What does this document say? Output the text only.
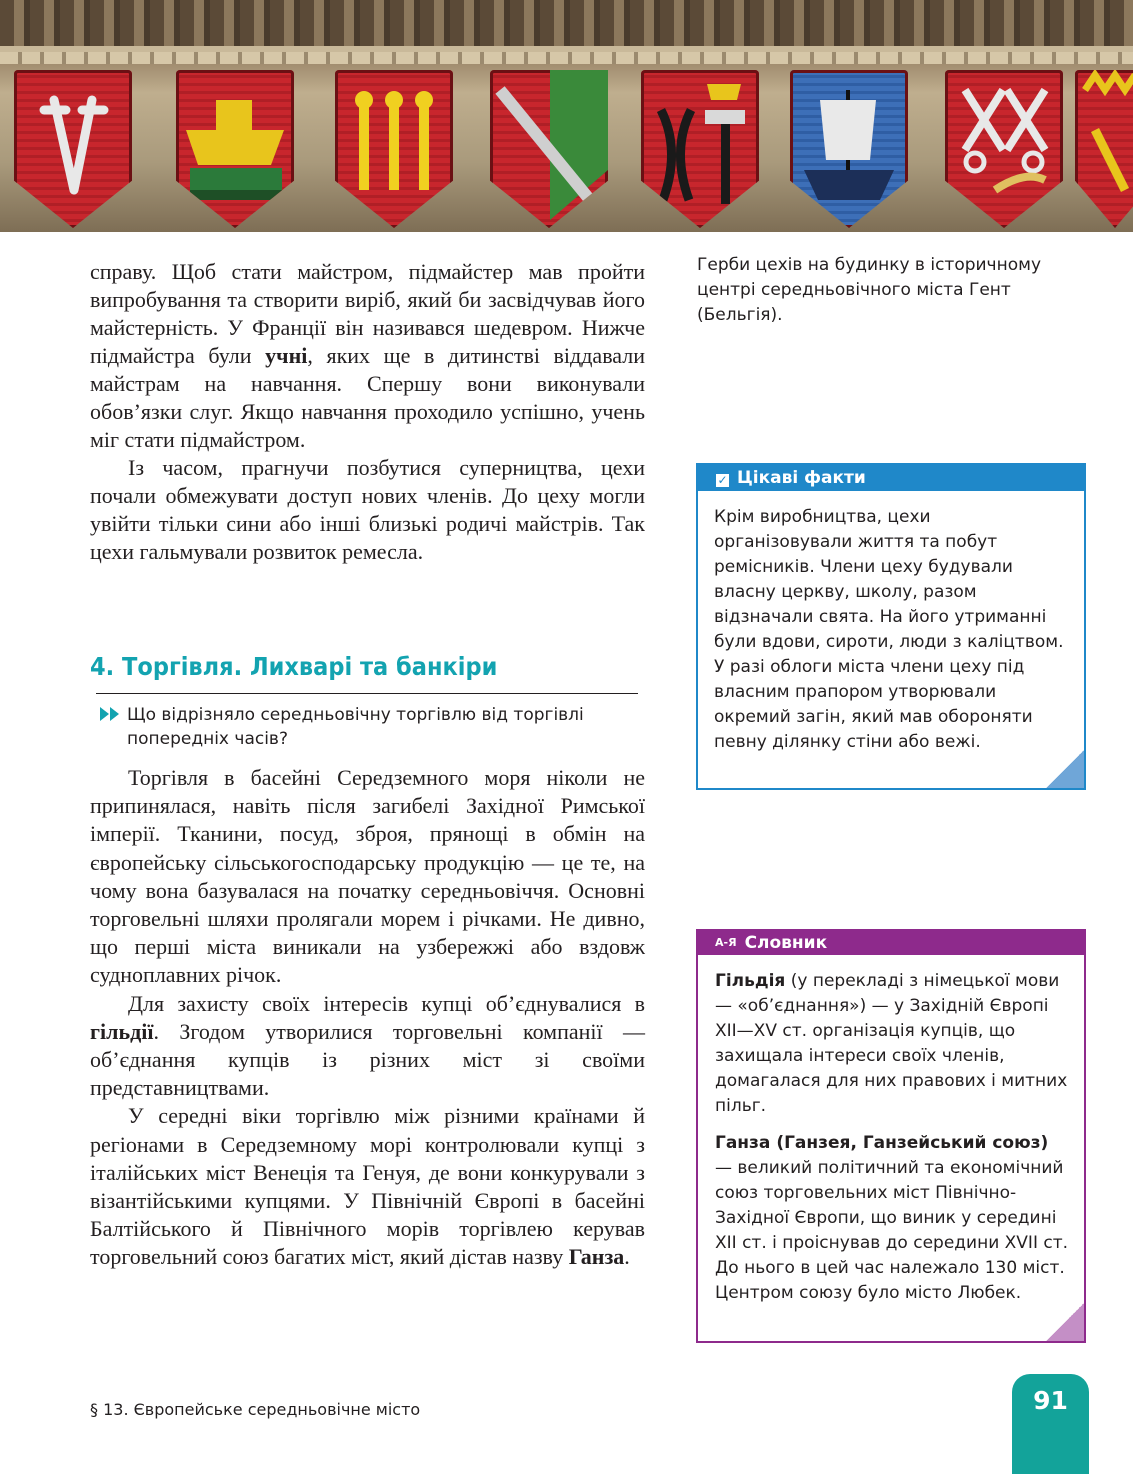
Герби цехів на будинку в історичному центрі середньовічного міста Гент (Бельгія).

справу. Щоб стати майстром, підмайстер мав пройти випробування та створити виріб, який би засвідчував його майстерність. У Франції він називався шедевром. Нижче підмайстра були учні, яких ще в дитинстві віддавали майстрам на навчання. Спершу вони виконували обов’язки слуг. Якщо навчання проходило успішно, учень міг стати підмайстром.

Із часом, прагнучи позбутися суперництва, цехи почали обмежувати доступ нових членів. До цеху могли увійти тільки сини або інші близькі родичі майстрів. Так цехи гальмували розвиток ремесла.

4. Торгівля. Лихварі та банкіри
Що відрізняло середньовічну торгівлю від торгівлі попередніх часів?

Торгівля в басейні Середземного моря ніколи не припинялася, навіть після загибелі Західної Римської імперії. Тканини, посуд, зброя, прянощі в обмін на європейську сільськогосподарську продукцію — це те, на чому вона базувалася на початку середньовіччя. Основні торговельні шляхи пролягали морем і річками. Не дивно, що перші міста виникали на узбережжі або вздовж судноплавних річок.

Для захисту своїх інтересів купці об’єднувалися в гільдії. Згодом утворилися торговельні компанії — об’єднання купців із різних міст зі своїми представництвами.

У середні віки торгівлю між різними країнами й регіонами в Середземному морі контролювали купці з італійських міст Венеція та Генуя, де вони конкурували з візантійськими купцями. У Північній Європі в басейні Балтійського й Північного морів торгівлею керував торговельний союз багатих міст, який дістав назву Ганза.

✓ Цікаві факти
Крім виробництва, цехи організовували життя та побут ремісників. Члени цеху будували власну церкву, школу, разом відзначали свята. На його утриманні були вдови, сироти, люди з каліцтвом. У разі облоги міста члени цеху під власним прапором утворювали окремий загін, який мав обороняти певну ділянку стіни або вежі.
А-Я Словник

Гільдія (у перекладі з німецької мови — «об’єднання») — у Західній Європі XII—XV ст. організація купців, що захищала інтереси своїх членів, домагалася для них правових і митних пільг.

Ганза (Ганзея, Ганзейський союз) — великий політичний та економічний союз торговельних міст Північно-Західної Європи, що виник у середині XII ст. і проіснував до середини XVII ст. До нього в цей час належало 130 міст. Центром союзу було місто Любек.

§ 13. Європейське середньовічне місто	91
